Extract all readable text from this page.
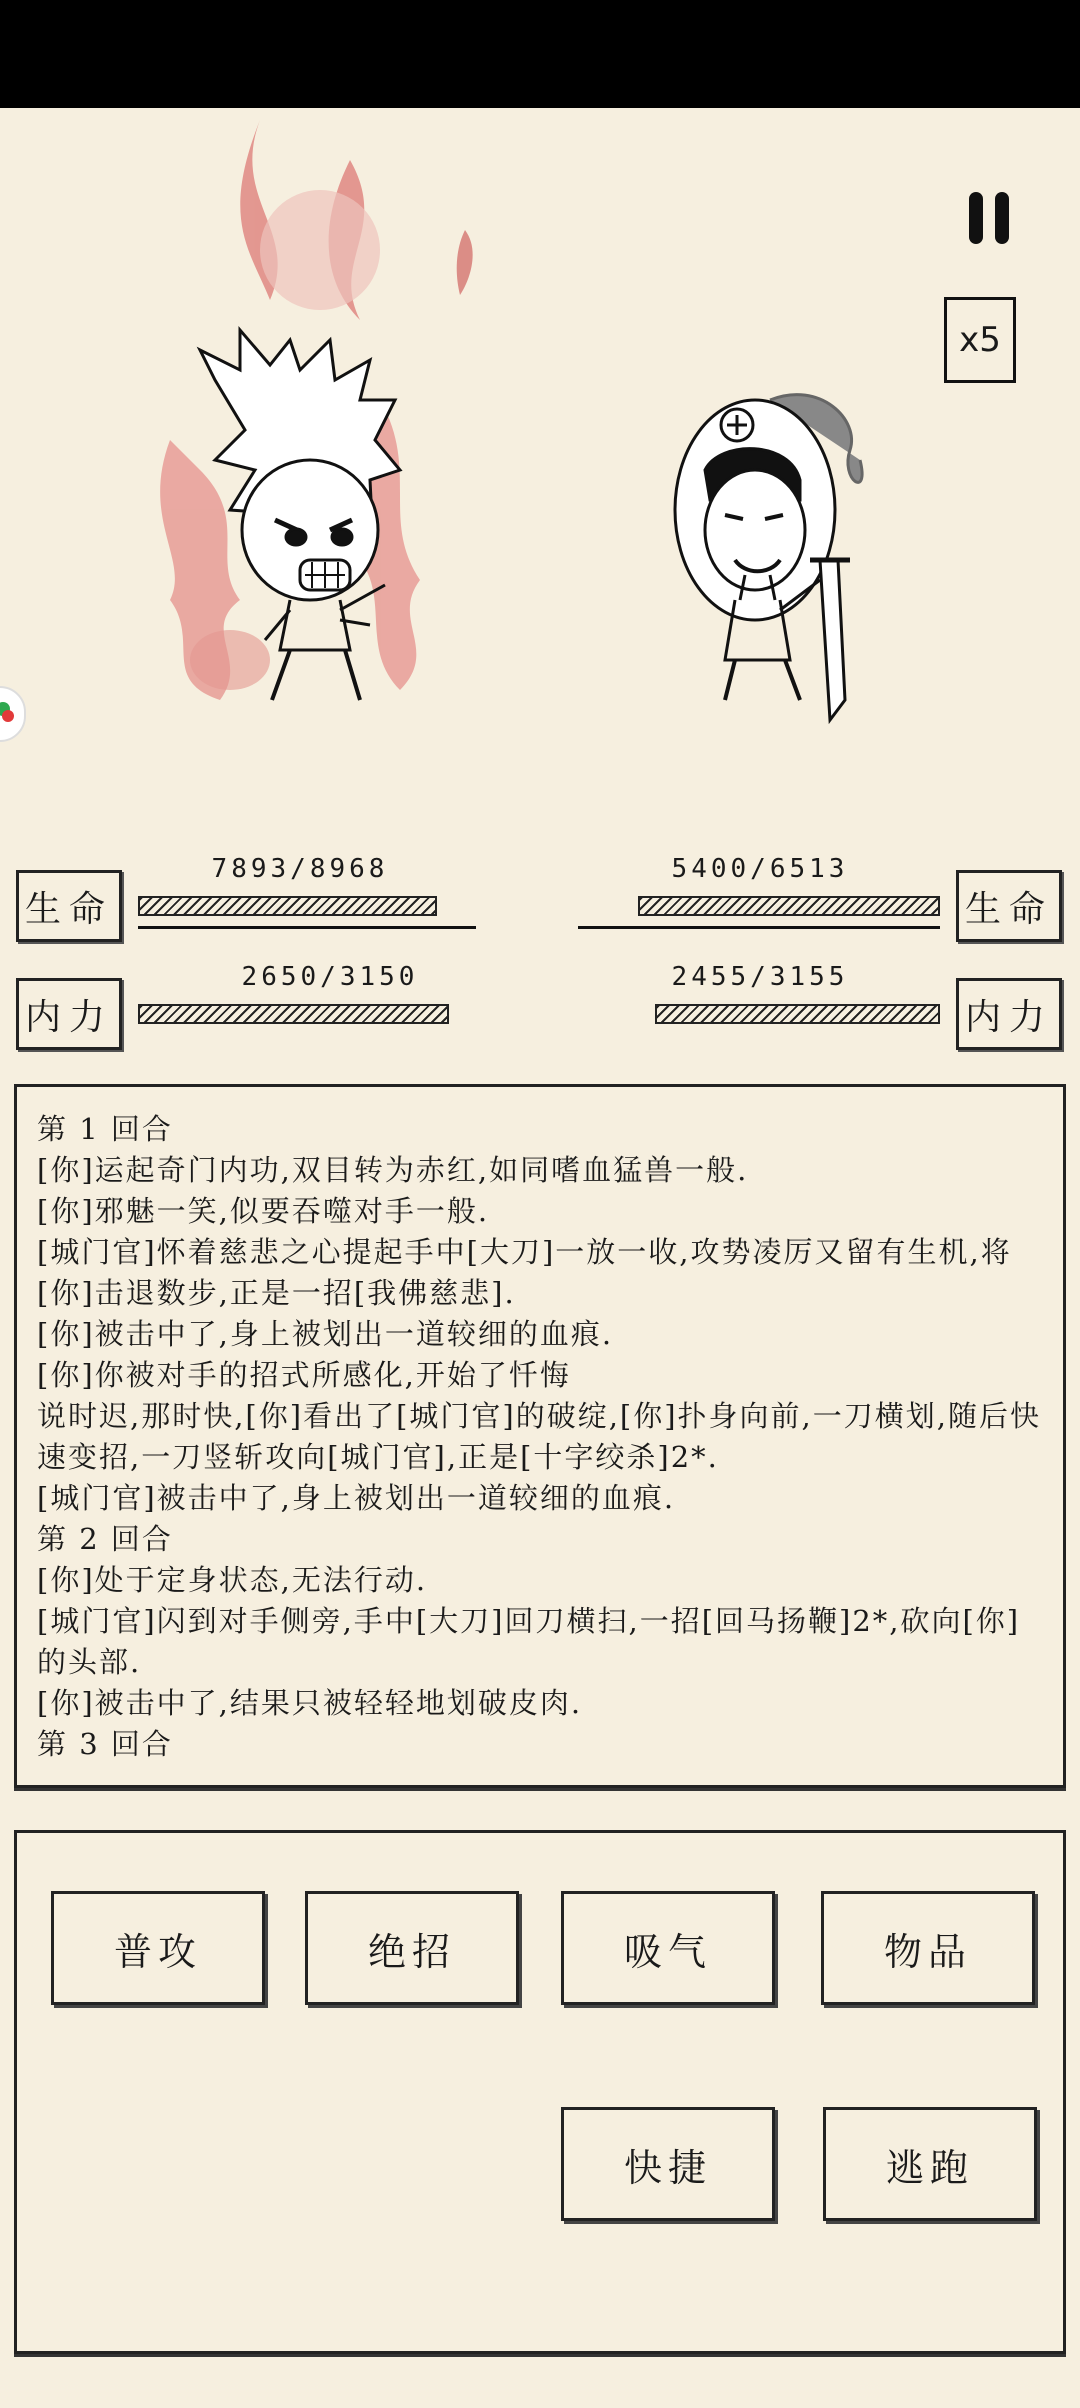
x5
生命
7893/8968
内力
2650/3150
生命
5400/6513
内力
2455/3155
第 1 回合
[你]运起奇门内功,双目转为赤红,如同嗜血猛兽一般.
[你]邪魅一笑,似要吞噬对手一般.
[城门官]怀着慈悲之心提起手中[大刀]一放一收,攻势凌厉又留有生机,将[你]击退数步,正是一招[我佛慈悲].
[你]被击中了,身上被划出一道较细的血痕.
[你]你被对手的招式所感化,开始了忏悔
说时迟,那时快,[你]看出了[城门官]的破绽,[你]扑身向前,一刀横划,随后快速变招,一刀竖斩攻向[城门官],正是[十字绞杀]2*.
[城门官]被击中了,身上被划出一道较细的血痕.
第 2 回合
[你]处于定身状态,无法行动.
[城门官]闪到对手侧旁,手中[大刀]回刀横扫,一招[回马扬鞭]2*,砍向[你]的头部.
[你]被击中了,结果只被轻轻地划破皮肉.
第 3 回合
普攻	绝招	吸气	物品
快捷	逃跑
